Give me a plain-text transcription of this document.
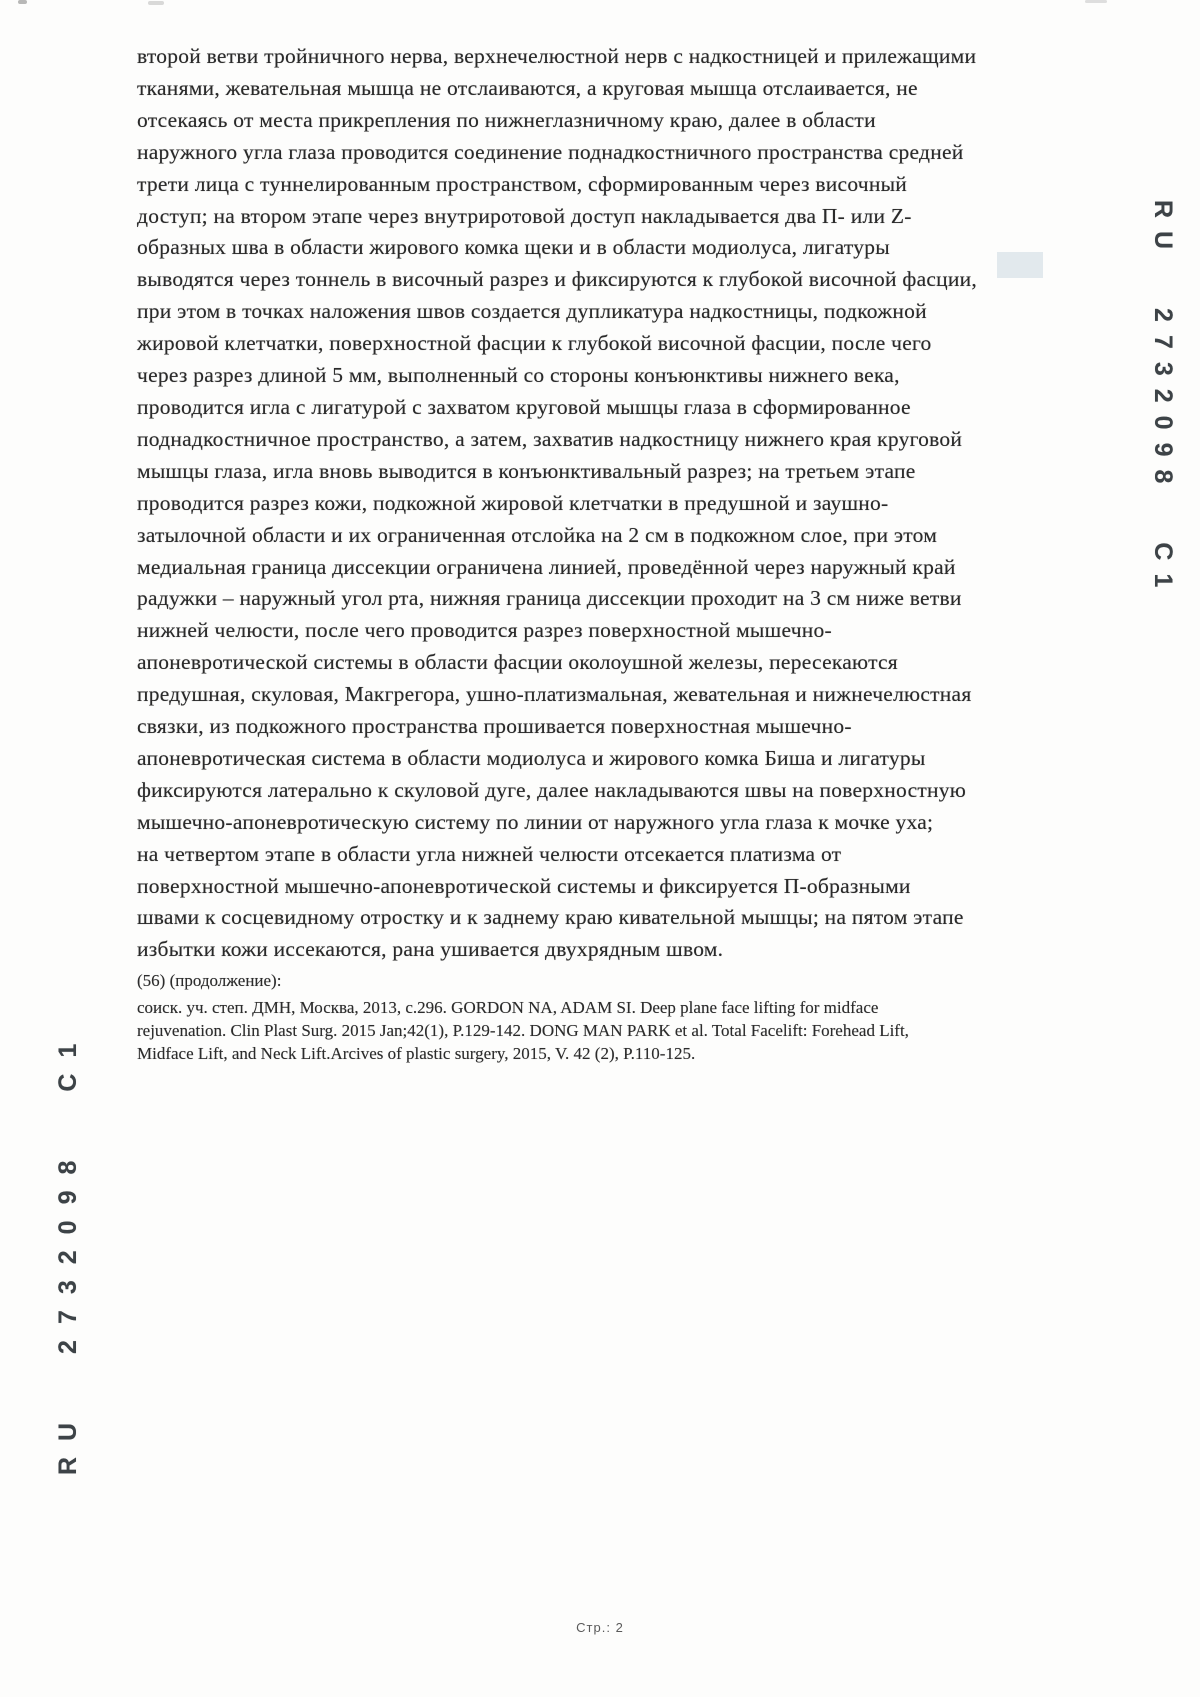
второй ветви тройничного нерва, верхнечелюстной нерв с надкостницей и прилежащими
тканями, жевательная мышца не отслаиваются, а круговая мышца отслаивается, не
отсекаясь от места прикрепления по нижнеглазничному краю, далее в области
наружного угла глаза проводится соединение поднадкостничного пространства средней
трети лица с туннелированным пространством, сформированным через височный
доступ; на втором этапе через внутриротовой доступ накладывается два П- или Z-
образных шва в области жирового комка щеки и в области модиолуса, лигатуры
выводятся через тоннель в височный разрез и фиксируются к глубокой височной фасции,
при этом в точках наложения швов создается дупликатура надкостницы, подкожной
жировой клетчатки, поверхностной фасции к глубокой височной фасции, после чего
через разрез длиной 5 мм, выполненный со стороны конъюнктивы нижнего века,
проводится игла с лигатурой с захватом круговой мышцы глаза в сформированное
поднадкостничное пространство, а затем, захватив надкостницу нижнего края круговой
мышцы глаза, игла вновь выводится в конъюнктивальный разрез; на третьем этапе
проводится разрез кожи, подкожной жировой клетчатки в предушной и заушно-
затылочной области и их ограниченная отслойка на 2 см в подкожном слое, при этом
медиальная граница диссекции ограничена линией, проведённой через наружный край
радужки – наружный угол рта, нижняя граница диссекции проходит на 3 см ниже ветви
нижней челюсти, после чего проводится разрез поверхностной мышечно-
апоневротической системы в области фасции околоушной железы, пересекаются
предушная, скуловая, Макгрегора, ушно-платизмальная, жевательная и нижнечелюстная
связки, из подкожного пространства прошивается поверхностная мышечно-
апоневротическая система в области модиолуса и жирового комка Биша и лигатуры
фиксируются латерально к скуловой дуге, далее накладываются швы на поверхностную
мышечно-апоневротическую систему по линии от наружного угла глаза к мочке уха;
на четвертом этапе в области угла нижней челюсти отсекается платизма от
поверхностной мышечно-апоневротической системы и фиксируется П-образными
швами к сосцевидному отростку и к заднему краю кивательной мышцы; на пятом этапе
избытки кожи иссекаются, рана ушивается двухрядным швом.
(56) (продолжение):
соиск. уч. степ. ДМН, Москва, 2013, с.296. GORDON NA, ADAM SI. Deep plane face lifting for midface
rejuvenation. Clin Plast Surg. 2015 Jan;42(1), P.129-142. DONG MAN PARK et al. Total Facelift: Forehead Lift,
Midface Lift, and Neck Lift.Arcives of plastic surgery, 2015, V. 42 (2), P.110-125.
RU 2732098 C1
RU 2732098 C1
Стр.: 2
